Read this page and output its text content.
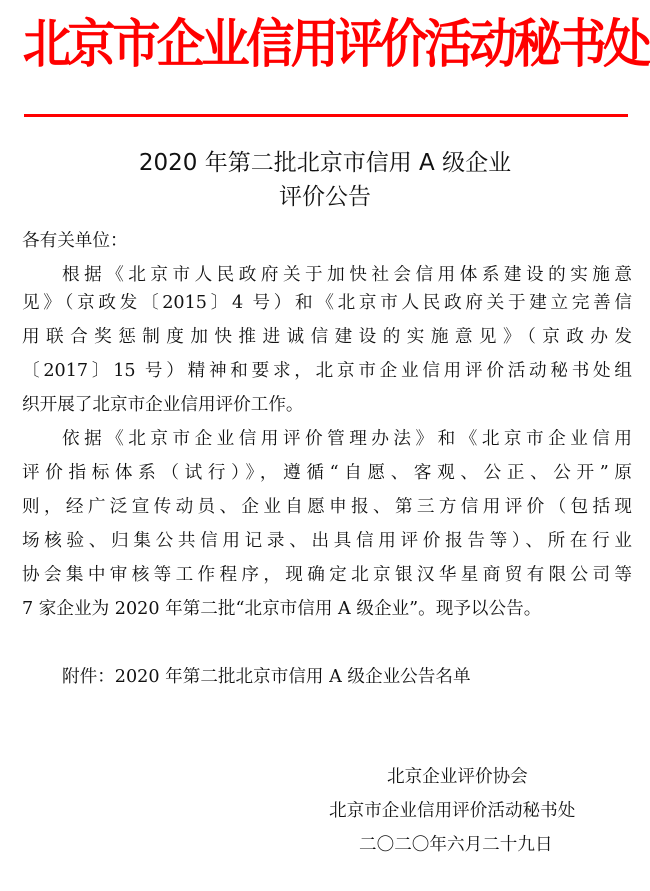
北京市企业信用评价活动秘书处
2020 年第二批北京市信用 A 级企业
评价公告
各有关单位：
根据《北京市人民政府关于加快社会信用体系建设的实施意
见》（京政发〔2015〕4 号）和《北京市人民政府关于建立完善信
用联合奖惩制度加快推进诚信建设的实施意见》（京政办发
〔2017〕15 号）精神和要求，北京市企业信用评价活动秘书处组
织开展了北京市企业信用评价工作。
依据《北京市企业信用评价管理办法》和《北京市企业信用
评价指标体系（试行）》，遵循“自愿、客观、公正、公开”原
则，经广泛宣传动员、企业自愿申报、第三方信用评价（包括现
场核验、归集公共信用记录、出具信用评价报告等）、所在行业
协会集中审核等工作程序，现确定北京银汉华星商贸有限公司等
7 家企业为 2020 年第二批“北京市信用 A 级企业”。现予以公告。
附件：2020 年第二批北京市信用 A 级企业公告名单
北京企业评价协会
北京市企业信用评价活动秘书处
二〇二〇年六月二十九日
